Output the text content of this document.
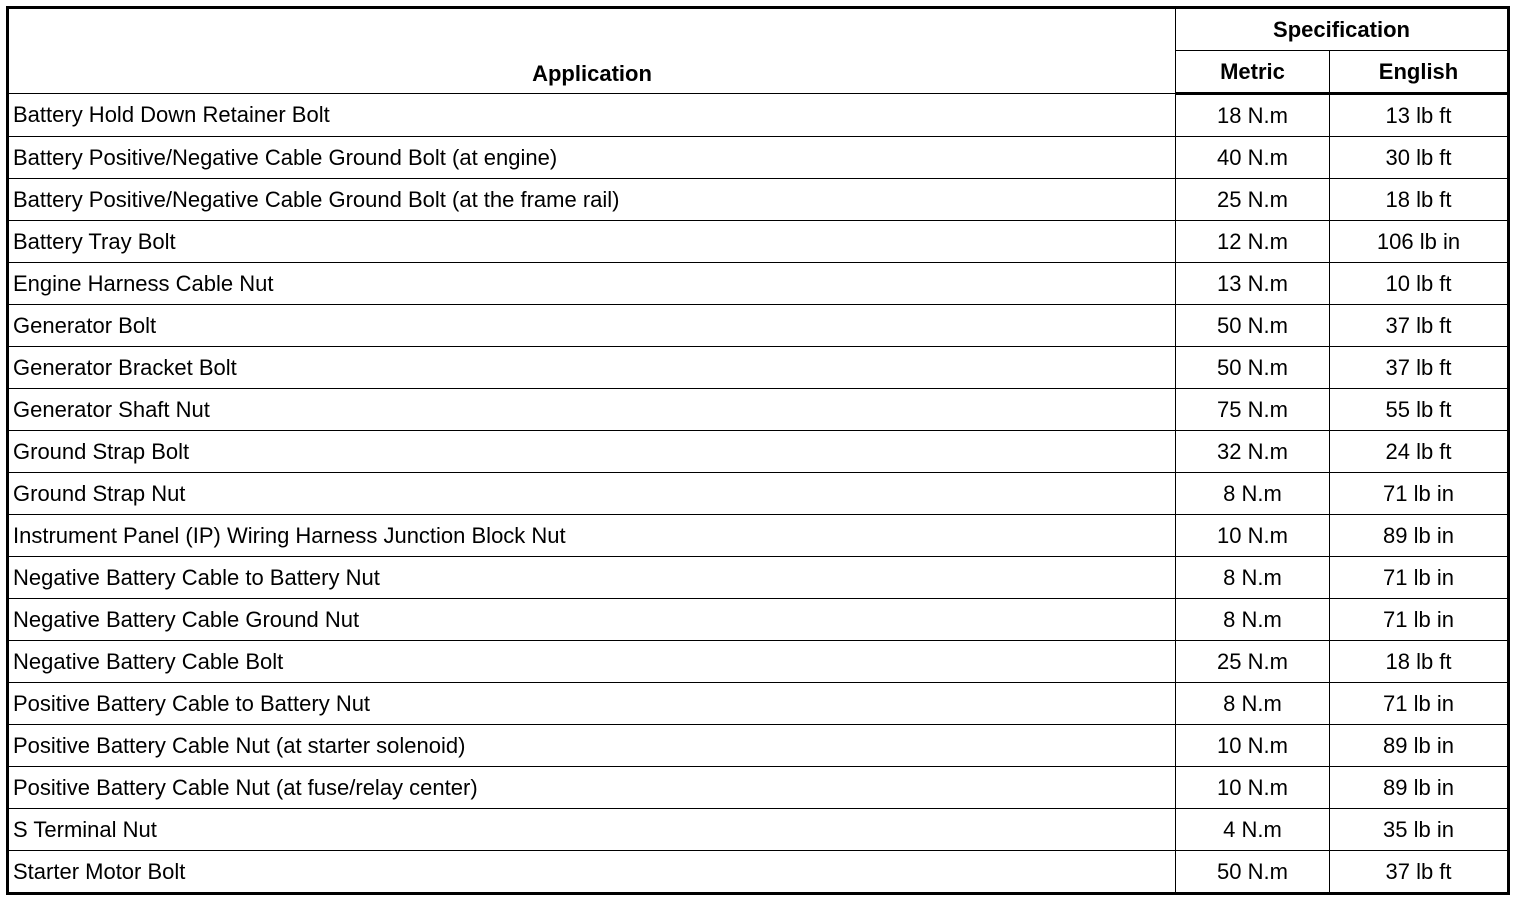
Application	Specification	
	Metric	English
Battery Hold Down Retainer Bolt	18 N.m	13 lb ft
Battery Positive/Negative Cable Ground Bolt (at engine)	40 N.m	30 lb ft
Battery Positive/Negative Cable Ground Bolt (at the frame rail)	25 N.m	18 lb ft
Battery Tray Bolt	12 N.m	106 lb in
Engine Harness Cable Nut	13 N.m	10 lb ft
Generator Bolt	50 N.m	37 lb ft
Generator Bracket Bolt	50 N.m	37 lb ft
Generator Shaft Nut	75 N.m	55 lb ft
Ground Strap Bolt	32 N.m	24 lb ft
Ground Strap Nut	8 N.m	71 lb in
Instrument Panel (IP) Wiring Harness Junction Block Nut	10 N.m	89 lb in
Negative Battery Cable to Battery Nut	8 N.m	71 lb in
Negative Battery Cable Ground Nut	8 N.m	71 lb in
Negative Battery Cable Bolt	25 N.m	18 lb ft
Positive Battery Cable to Battery Nut	8 N.m	71 lb in
Positive Battery Cable Nut (at starter solenoid)	10 N.m	89 lb in
Positive Battery Cable Nut (at fuse/relay center)	10 N.m	89 lb in
S Terminal Nut	4 N.m	35 lb in
Starter Motor Bolt	50 N.m	37 lb ft
